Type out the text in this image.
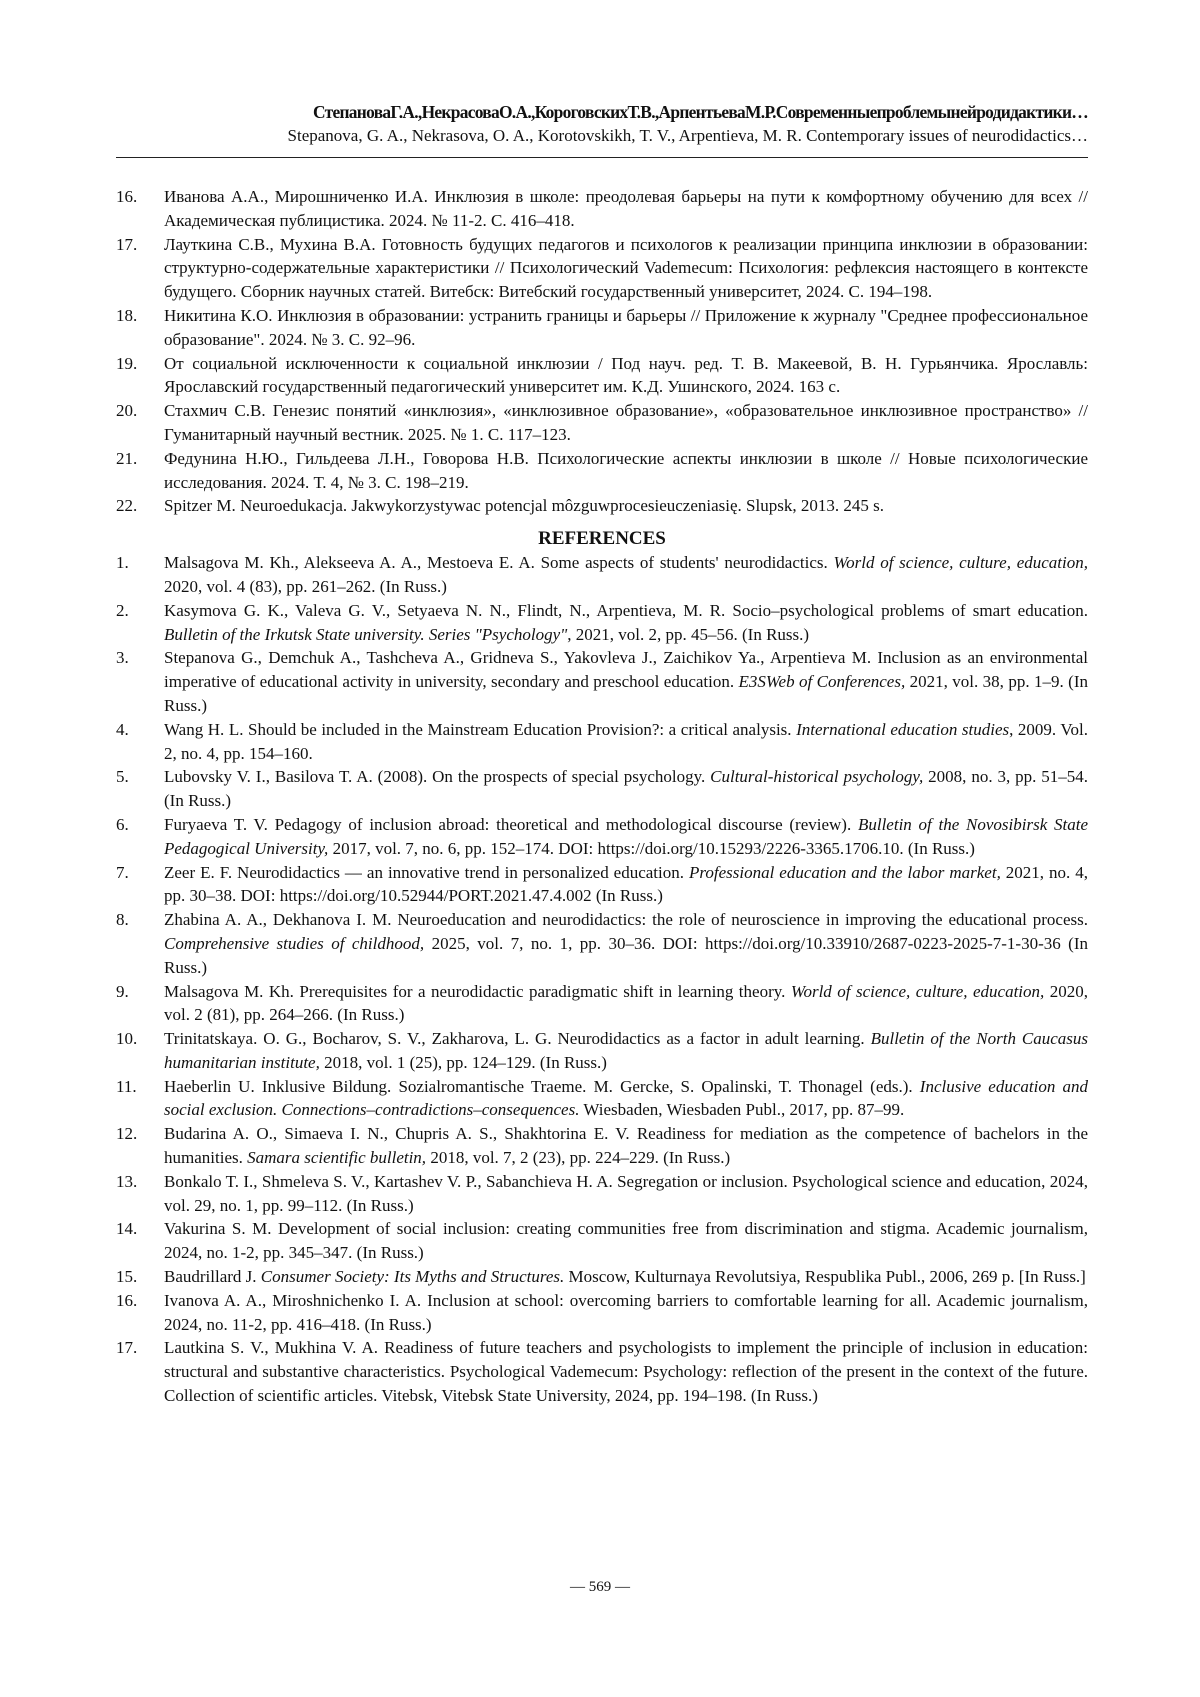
СтепановаГ.А.,НекрасоваО.А.,КороговскихТ.В.,АрпентьеваМ.Р.Современныепроблемынейродидактики…
Stepanova, G. A., Nekrasova, O. A., Korotovskikh, T. V., Arpentieva, M. R. Contemporary issues of neurodidactics…
16. Иванова А.А., Мирошниченко И.А. Инклюзия в школе: преодолевая барьеры на пути к комфортному обучению для всех // Академическая публицистика. 2024. № 11-2. С. 416–418.
17. Лауткина С.В., Мухина В.А. Готовность будущих педагогов и психологов к реализации принципа инклюзии в образовании: структурно-содержательные характеристики // Психологический Vademecum: Психология: рефлексия настоящего в контексте будущего. Сборник научных статей. Витебск: Витебский государственный университет, 2024. С. 194–198.
18. Никитина К.О. Инклюзия в образовании: устранить границы и барьеры // Приложение к журналу "Среднее профессиональное образование". 2024. № 3. С. 92–96.
19. От социальной исключенности к социальной инклюзии / Под науч. ред. Т. В. Макеевой, В. Н. Гурьянчика. Ярославль: Ярославский государственный педагогический университет им. К.Д. Ушинского, 2024. 163 с.
20. Стахмич С.В. Генезис понятий «инклюзия», «инклюзивное образование», «образовательное инклюзивное пространство» // Гуманитарный научный вестник. 2025. № 1. С. 117–123.
21. Федунина Н.Ю., Гильдеева Л.Н., Говорова Н.В. Психологические аспекты инклюзии в школе // Новые психологические исследования. 2024. Т. 4, № 3. С. 198–219.
22. Spitzer M. Neuroedukacja. Jakwykorzystywac potencjal môzguwprocesieuczeniasię. Slupsk, 2013. 245 s.
REFERENCES
1. Malsagova M. Kh., Alekseeva A. A., Mestoeva E. A. Some aspects of students' neurodidactics. World of science, culture, education, 2020, vol. 4 (83), pp. 261–262. (In Russ.)
2. Kasymova G. K., Valeva G. V., Setyaeva N. N., Flindt, N., Arpentieva, M. R. Socio–psychological problems of smart education. Bulletin of the Irkutsk State university. Series "Psychology", 2021, vol. 2, pp. 45–56. (In Russ.)
3. Stepanova G., Demchuk A., Tashcheva A., Gridneva S., Yakovleva J., Zaichikov Ya., Arpentieva M. Inclusion as an environmental imperative of educational activity in university, secondary and preschool education. E3SWeb of Conferences, 2021, vol. 38, pp. 1–9. (In Russ.)
4. Wang H. L. Should be included in the Mainstream Education Provision?: a critical analysis. International education studies, 2009. Vol. 2, no. 4, pp. 154–160.
5. Lubovsky V. I., Basilova T. A. (2008). On the prospects of special psychology. Cultural-historical psychology, 2008, no. 3, pp. 51–54. (In Russ.)
6. Furyaeva T. V. Pedagogy of inclusion abroad: theoretical and methodological discourse (review). Bulletin of the Novosibirsk State Pedagogical University, 2017, vol. 7, no. 6, pp. 152–174. DOI: https://doi.org/10.15293/2226-3365.1706.10. (In Russ.)
7. Zeer E. F. Neurodidactics — an innovative trend in personalized education. Professional education and the labor market, 2021, no. 4, pp. 30–38. DOI: https://doi.org/10.52944/PORT.2021.47.4.002 (In Russ.)
8. Zhabina A. A., Dekhanova I. M. Neuroeducation and neurodidactics: the role of neuroscience in improving the educational process. Comprehensive studies of childhood, 2025, vol. 7, no. 1, pp. 30–36. DOI: https://doi.org/10.33910/2687-0223-2025-7-1-30-36 (In Russ.)
9. Malsagova M. Kh. Prerequisites for a neurodidactic paradigmatic shift in learning theory. World of science, culture, education, 2020, vol. 2 (81), pp. 264–266. (In Russ.)
10. Trinitatskaya. O. G., Bocharov, S. V., Zakharova, L. G. Neurodidactics as a factor in adult learning. Bulletin of the North Caucasus humanitarian institute, 2018, vol. 1 (25), pp. 124–129. (In Russ.)
11. Haeberlin U. Inklusive Bildung. Sozialromantische Traeme. M. Gercke, S. Opalinski, T. Thonagel (eds.). Inclusive education and social exclusion. Connections–contradictions–consequences. Wiesbaden, Wiesbaden Publ., 2017, pp. 87–99.
12. Budarina A. O., Simaeva I. N., Chupris A. S., Shakhtorina E. V. Readiness for mediation as the competence of bachelors in the humanities. Samara scientific bulletin, 2018, vol. 7, 2 (23), pp. 224–229. (In Russ.)
13. Bonkalo T. I., Shmeleva S. V., Kartashev V. P., Sabanchieva H. A. Segregation or inclusion. Psychological science and education, 2024, vol. 29, no. 1, pp. 99–112. (In Russ.)
14. Vakurina S. M. Development of social inclusion: creating communities free from discrimination and stigma. Academic journalism, 2024, no. 1-2, pp. 345–347. (In Russ.)
15. Baudrillard J. Consumer Society: Its Myths and Structures. Moscow, Kulturnaya Revolutsiya, Respublika Publ., 2006, 269 p. [In Russ.]
16. Ivanova A. A., Miroshnichenko I. A. Inclusion at school: overcoming barriers to comfortable learning for all. Academic journalism, 2024, no. 11-2, pp. 416–418. (In Russ.)
17. Lautkina S. V., Mukhina V. A. Readiness of future teachers and psychologists to implement the principle of inclusion in education: structural and substantive characteristics. Psychological Vademecum: Psychology: reflection of the present in the context of the future. Collection of scientific articles. Vitebsk, Vitebsk State University, 2024, pp. 194–198. (In Russ.)
— 569 —
